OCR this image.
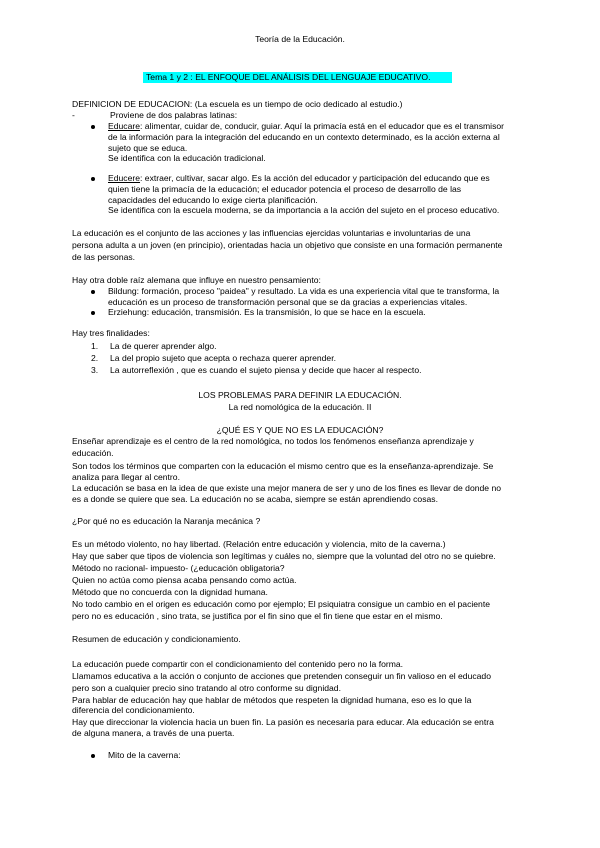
Teoría de la Educación.
Tema 1 y 2 : EL ENFOQUE DEL ANÁLISIS DEL LENGUAJE EDUCATIVO.
DEFINICION DE EDUCACION: (La escuela es un tiempo de ocio dedicado al estudio.)
-	Proviene de dos palabras latinas:
Educare: alimentar, cuidar de, conducir, guiar. Aquí la primacía está en el educador que es el transmisor
de la información para la integración del educando en un contexto determinado, es la acción externa al
sujeto que se educa.
Se identifica con la educación tradicional.
Educere: extraer, cultivar, sacar algo. Es la acción del educador y participación del educando que es
quien tiene la primacía de la educación; el educador potencia el proceso de desarrollo de las
capacidades del educando lo exige cierta planificación.
Se identifica con la escuela moderna, se da importancia a la acción del sujeto en el proceso educativo.
La educación es el conjunto de las acciones y las influencias ejercidas voluntarias e involuntarias de una
persona adulta a un joven (en principio), orientadas hacia un objetivo que consiste en una formación permanente
de las personas.
Hay otra doble raíz alemana que influye en nuestro pensamiento:
Bildung: formación, proceso "paidea" y resultado. La vida es una experiencia vital que te transforma, la
educación es un proceso de transformación personal que se da gracias a experiencias vitales.
Erziehung: educación, transmisión. Es la transmisión, lo que se hace en la escuela.
Hay tres finalidades:
1. La de querer aprender algo.
2. La del propio sujeto que acepta o rechaza querer aprender.
3. La autorreflexión , que es cuando el sujeto piensa y decide que hacer al respecto.
LOS PROBLEMAS PARA DEFINIR LA EDUCACIÓN.
La red nomológica de la educación. II
¿QUÉ ES Y QUE NO ES LA EDUCACIÓN?
Enseñar aprendizaje es el centro de la red nomológica, no todos los fenómenos enseñanza aprendizaje y
educación.
Son todos los términos que comparten con la educación el mismo centro que es la enseñanza-aprendizaje. Se
analiza para llegar al centro.
La educación se basa en la idea de que existe una mejor manera de ser y uno de los fines es llevar de donde no
es a donde se quiere que sea. La educación no se acaba, siempre se están aprendiendo cosas.
¿Por qué no es educación la Naranja mecánica ?
Es un método violento, no hay libertad. (Relación entre educación y violencia, mito de la caverna.)
Hay que saber que tipos de violencia son legítimas y cuáles no, siempre que la voluntad del otro no se quiebre.
Método no racional- impuesto- (¿educación obligatoria?
Quien no actúa como piensa acaba pensando como actúa.
Método que no concuerda con la dignidad humana.
No todo cambio en el origen es educación como por ejemplo; El psiquiatra consigue un cambio en el paciente
pero no es educación , sino trata, se justifica por el fin sino que el fin tiene que estar en el mismo.
Resumen de educación y condicionamiento.
La educación puede compartir con el condicionamiento del contenido pero no la forma.
Llamamos educativa a la acción o conjunto de acciones que pretenden conseguir un fin valioso en el educado
pero son a cualquier precio sino tratando al otro conforme su dignidad.
Para hablar de educación hay que hablar de métodos que respeten la dignidad humana, eso es lo que la
diferencia del condicionamiento.
Hay que direccionar la violencia hacia un buen fin. La pasión es necesaria para educar. Ala educación se entra
de alguna manera, a través de una puerta.
Mito de la caverna:
